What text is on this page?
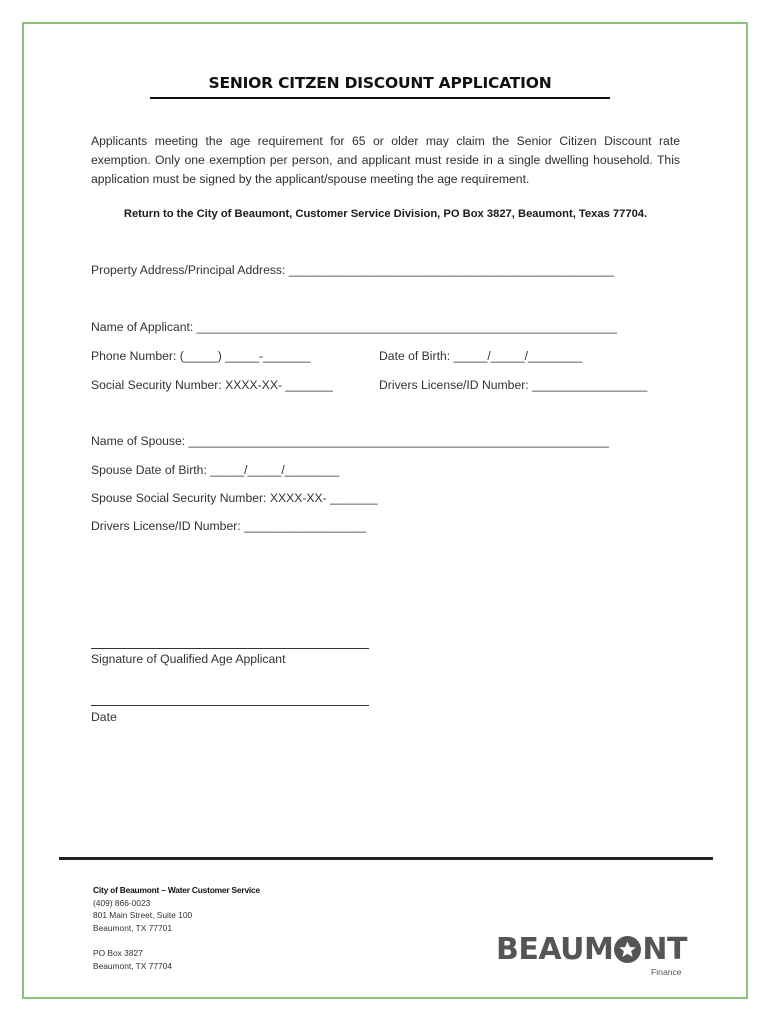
SENIOR CITZEN DISCOUNT APPLICATION
Applicants meeting the age requirement for 65 or older may claim the Senior Citizen Discount rate exemption. Only one exemption per person, and applicant must reside in a single dwelling household. This application must be signed by the applicant/spouse meeting the age requirement.
Return to the City of Beaumont, Customer Service Division, PO Box 3827, Beaumont, Texas 77704.
Property Address/Principal Address: ________________________________________________
Name of Applicant: ______________________________________________________________
Phone Number: (_____) _____-_______	Date of Birth: _____/_____/________
Social Security Number: XXXX-XX- _______	Drivers License/ID Number: _________________
Name of Spouse: ______________________________________________________________
Spouse Date of Birth: _____/_____/________
Spouse Social Security Number: XXXX-XX- _______
Drivers License/ID Number: __________________
Signature of Qualified Age Applicant
Date
City of Beaumont – Water Customer Service
(409) 866-0023
801 Main Street, Suite 100
Beaumont, TX 77701
PO Box 3827
Beaumont, TX 77704	BEAUM NT
Finance
